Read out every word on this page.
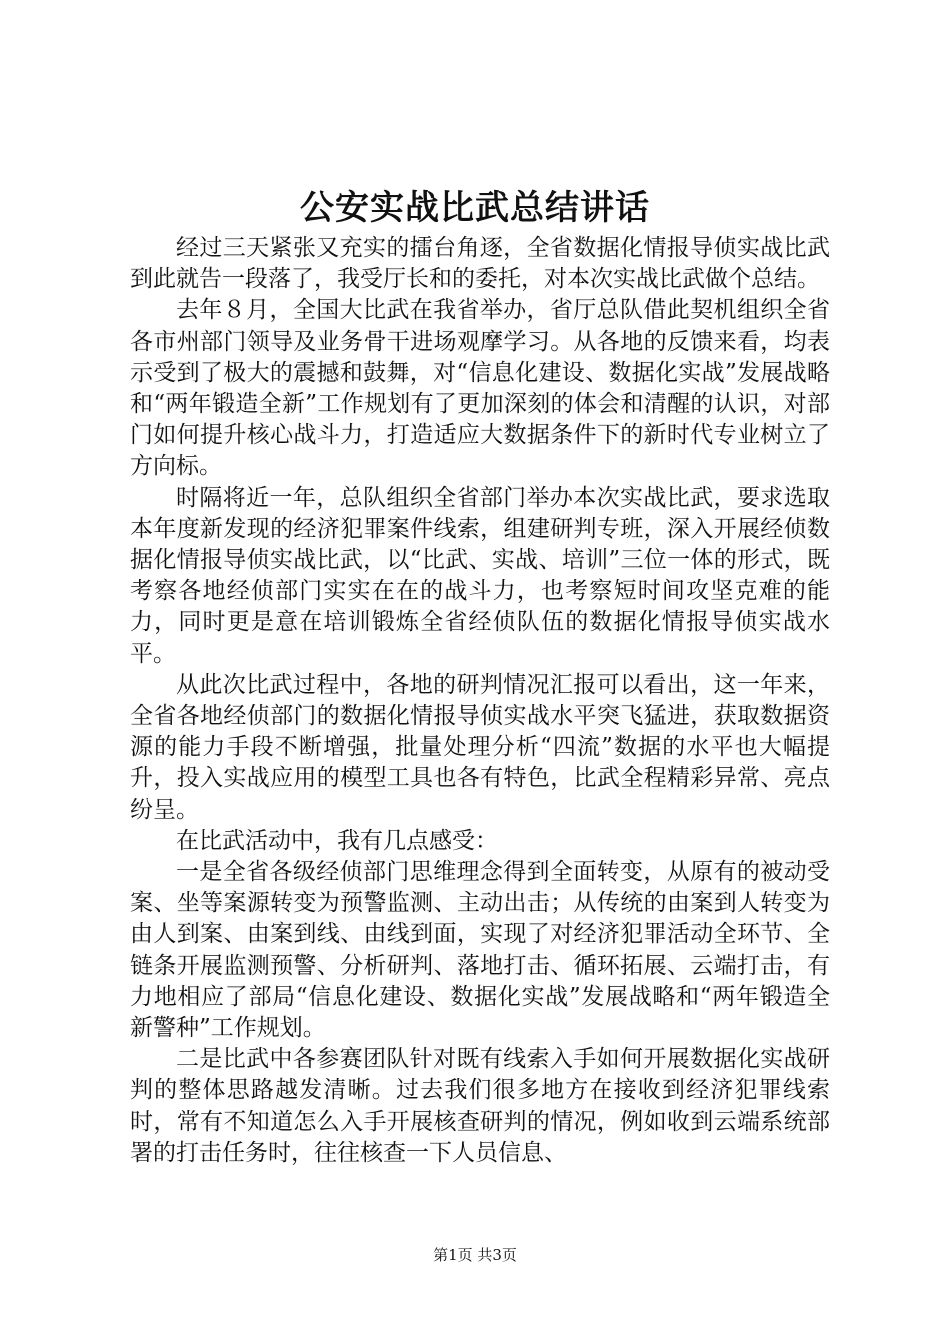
公安实战比武总结讲话

经过三天紧张又充实的擂台角逐，全省数据化情报导侦实战比武到此就告一段落了，我受厅长和的委托，对本次实战比武做个总结。

去年８月，全国大比武在我省举办，省厅总队借此契机组织全省各市州部门领导及业务骨干进场观摩学习。从各地的反馈来看，均表示受到了极大的震撼和鼓舞，对“信息化建设、数据化实战”发展战略和“两年锻造全新”工作规划有了更加深刻的体会和清醒的认识，对部门如何提升核心战斗力，打造适应大数据条件下的新时代专业树立了方向标。

时隔将近一年，总队组织全省部门举办本次实战比武，要求选取本年度新发现的经济犯罪案件线索，组建研判专班，深入开展经侦数据化情报导侦实战比武，以“比武、实战、培训”三位一体的形式，既考察各地经侦部门实实在在的战斗力，也考察短时间攻坚克难的能力，同时更是意在培训锻炼全省经侦队伍的数据化情报导侦实战水平。

从此次比武过程中，各地的研判情况汇报可以看出，这一年来，全省各地经侦部门的数据化情报导侦实战水平突飞猛进，获取数据资源的能力手段不断增强，批量处理分析“四流”数据的水平也大幅提升，投入实战应用的模型工具也各有特色，比武全程精彩异常、亮点纷呈。

在比武活动中，我有几点感受：

一是全省各级经侦部门思维理念得到全面转变，从原有的被动受案、坐等案源转变为预警监测、主动出击；从传统的由案到人转变为由人到案、由案到线、由线到面，实现了对经济犯罪活动全环节、全链条开展监测预警、分析研判、落地打击、循环拓展、云端打击，有力地相应了部局“信息化建设、数据化实战”发展战略和“两年锻造全新警种”工作规划。

二是比武中各参赛团队针对既有线索入手如何开展数据化实战研判的整体思路越发清晰。过去我们很多地方在接收到经济犯罪线索时，常有不知道怎么入手开展核查研判的情况，例如收到云端系统部署的打击任务时，往往核查一下人员信息、

第1页 共3页
